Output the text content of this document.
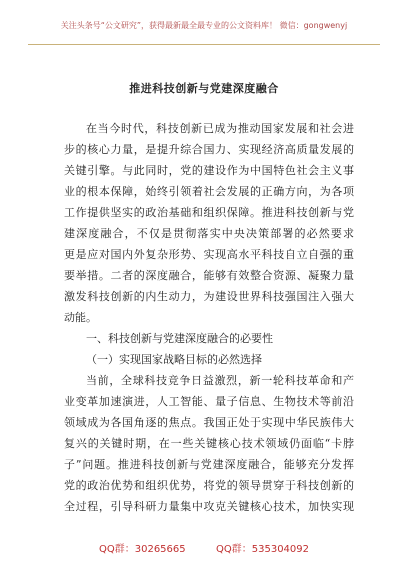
关注头条号“公文研究”，获得最新最全最专业的公文资料库！ 微信：gongwenyj
推进科技创新与党建深度融合
在当今时代，科技创新已成为推动国家发展和社会进
步的核心力量，是提升综合国力、实现经济高质量发展的
关键引擎。与此同时，党的建设作为中国特色社会主义事
业的根本保障，始终引领着社会发展的正确方向，为各项
工作提供坚实的政治基础和组织保障。推进科技创新与党
建深度融合，不仅是贯彻落实中央决策部署的必然要求
更是应对国内外复杂形势、实现高水平科技自立自强的重
要举措。二者的深度融合，能够有效整合资源、凝聚力量
激发科技创新的内生动力，为建设世界科技强国注入强大
动能。
一、科技创新与党建深度融合的必要性
（一）实现国家战略目标的必然选择
当前，全球科技竞争日益激烈，新一轮科技革命和产
业变革加速演进，人工智能、量子信息、生物技术等前沿
领域成为各国角逐的焦点。我国正处于实现中华民族伟大
复兴的关键时期，在一些关键核心技术领域仍面临“卡脖
子”问题。推进科技创新与党建深度融合，能够充分发挥
党的政治优势和组织优势，将党的领导贯穿于科技创新的
全过程，引导科研力量集中攻克关键核心技术，加快实现
QQ群：30265665	QQ群：535304092
